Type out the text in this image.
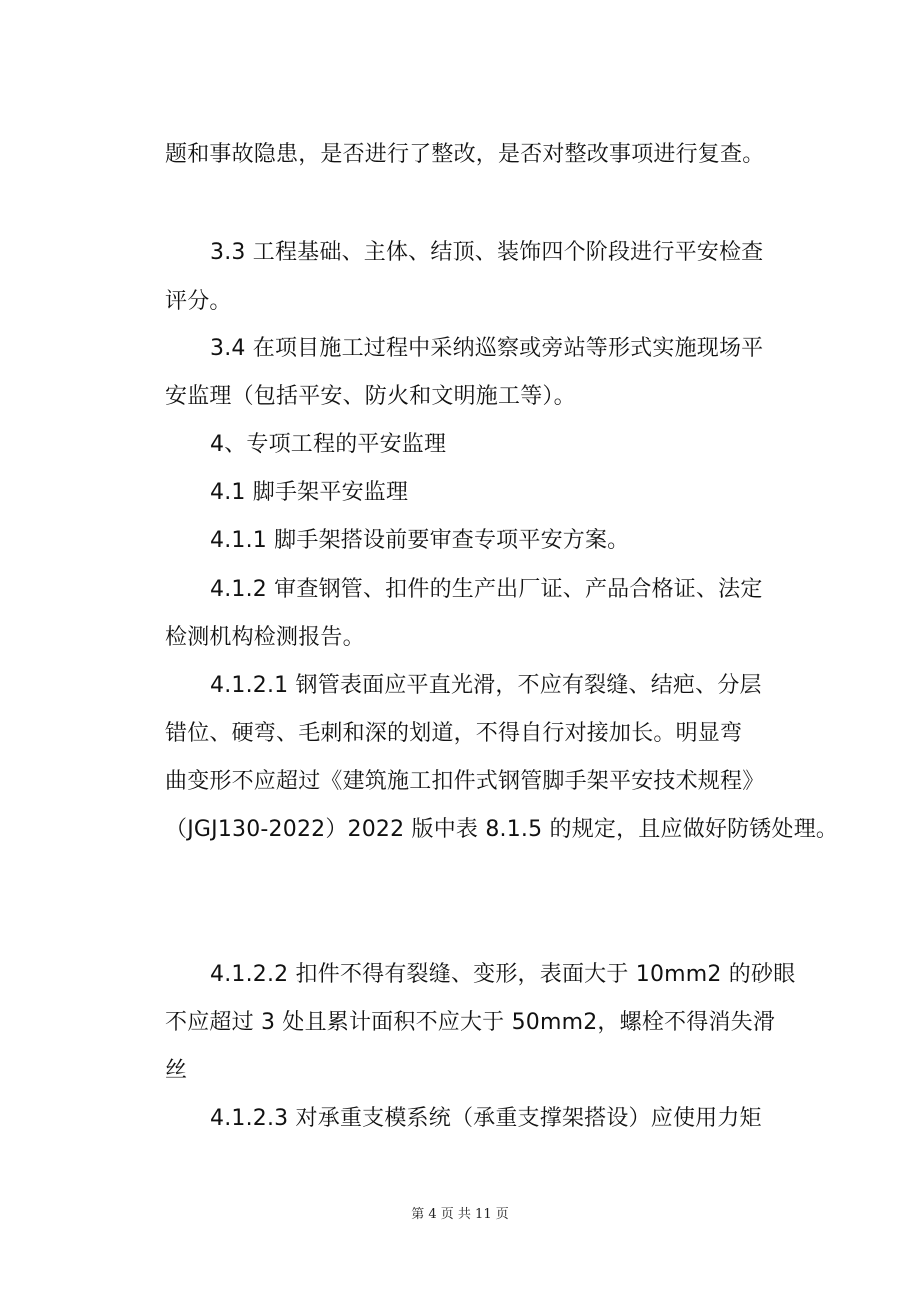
题和事故隐患，是否进行了整改，是否对整改事项进行复查。
3.3 工程基础、主体、结顶、装饰四个阶段进行平安检查
评分。
3.4 在项目施工过程中采纳巡察或旁站等形式实施现场平
安监理（包括平安、防火和文明施工等）。
4、专项工程的平安监理
4.1 脚手架平安监理
4.1.1 脚手架搭设前要审查专项平安方案。
4.1.2 审查钢管、扣件的生产出厂证、产品合格证、法定
检测机构检测报告。
4.1.2.1 钢管表面应平直光滑，不应有裂缝、结疤、分层
错位、硬弯、毛刺和深的划道，不得自行对接加长。明显弯
曲变形不应超过《建筑施工扣件式钢管脚手架平安技术规程》
（JGJ130-2022）2022 版中表 8.1.5 的规定，且应做好防锈处理。
4.1.2.2 扣件不得有裂缝、变形，表面大于 10mm2 的砂眼
不应超过 3 处且累计面积不应大于 50mm2，螺栓不得消失滑
丝
4.1.2.3 对承重支模系统（承重支撑架搭设）应使用力矩
第 4 页 共 11 页
